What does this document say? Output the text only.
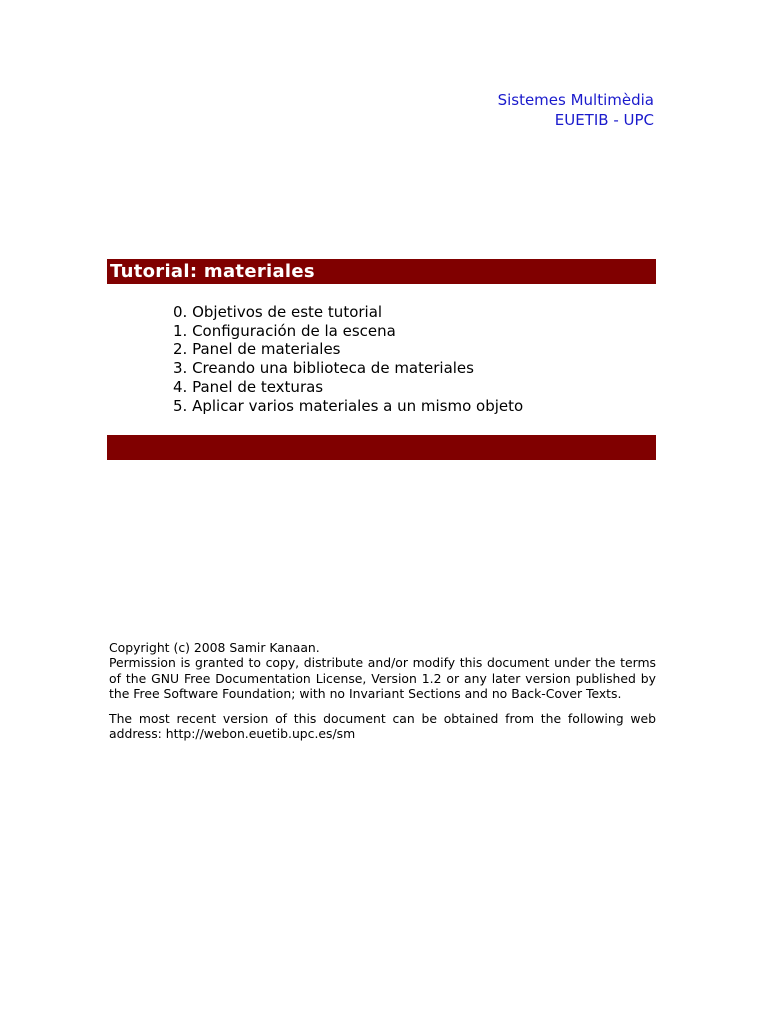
Sistemes Multimèdia
EUETIB - UPC
Tutorial: materiales
0. Objetivos de este tutorial
1. Configuración de la escena
2. Panel de materiales
3. Creando una biblioteca de materiales
4. Panel de texturas
5. Aplicar varios materiales a un mismo objeto

Copyright (c) 2008 Samir Kanaan.

Permission is granted to copy, distribute and/or modify this document under the terms of the GNU Free Documentation License, Version 1.2 or any later version published by the Free Software Foundation; with no Invariant Sections and no Back-Cover Texts.

The most recent version of this document can be obtained from the following web address: http://webon.euetib.upc.es/sm
